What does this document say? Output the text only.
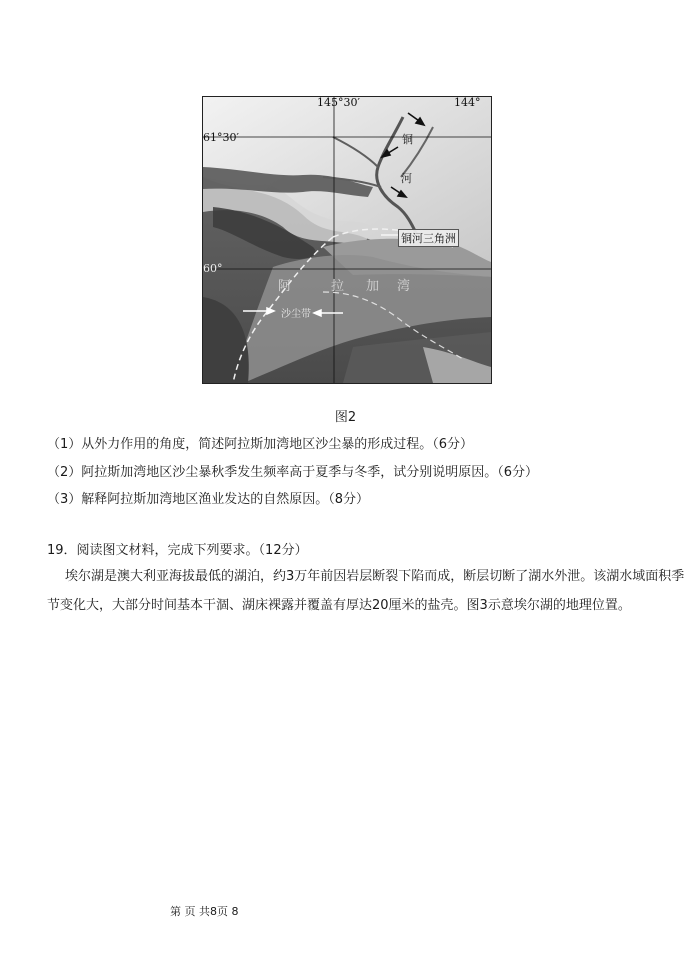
145°30′	144°
61°30′
60°
铜
河
铜河三角洲
阿	拉 加 湾
沙尘带
图2
（1）从外力作用的角度，简述阿拉斯加湾地区沙尘暴的形成过程。（6分）
（2）阿拉斯加湾地区沙尘暴秋季发生频率高于夏季与冬季，试分别说明原因。（6分）
（3）解释阿拉斯加湾地区渔业发达的自然原因。（8分）
19．阅读图文材料，完成下列要求。（12分）
埃尔湖是澳大利亚海拔最低的湖泊，约3万年前因岩层断裂下陷而成，断层切断了湖水外泄。该湖水域面积季
节变化大，大部分时间基本干涸、湖床裸露并覆盖有厚达20厘米的盐壳。图3示意埃尔湖的地理位置。
第 页 共8页 8
